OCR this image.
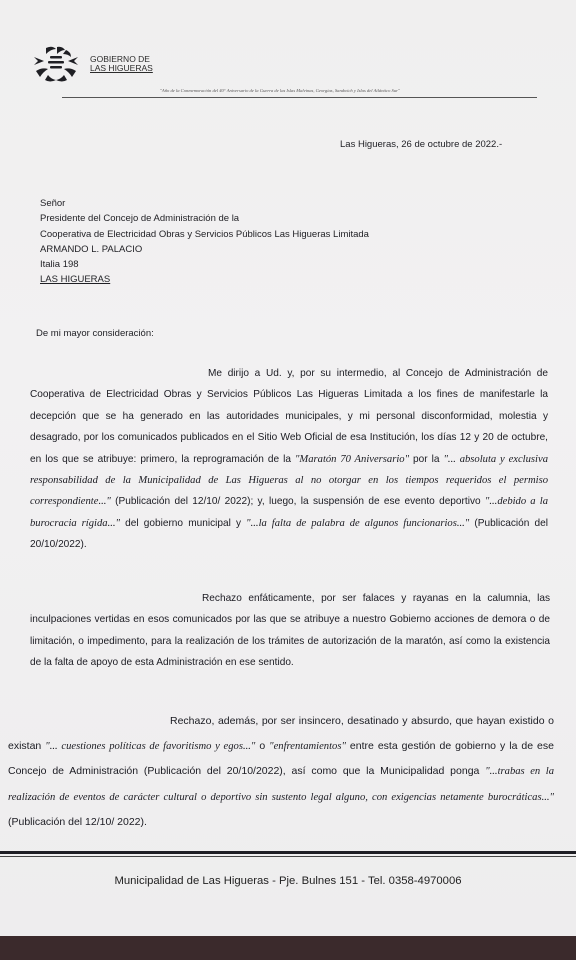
GOBIERNO DE
LAS HIGUERAS
"Año de la Conmemoración del 40° Aniversario de la Guerra de las Islas Malvinas, Georgias, Sandwich y Islas del Atlántico Sur"
Las Higueras, 26 de octubre de 2022.-
Señor
Presidente del Concejo de Administración de la
Cooperativa de Electricidad Obras y Servicios Públicos Las Higueras Limitada
ARMANDO L. PALACIO
Italia 198
LAS HIGUERAS
De mi mayor consideración:
Me dirijo a Ud. y, por su intermedio, al Concejo de Administración de Cooperativa de Electricidad Obras y Servicios Públicos Las Higueras Limitada a los fines de manifestarle la decepción que se ha generado en las autoridades municipales, y mi personal disconformidad, molestia y desagrado, por los comunicados publicados en el Sitio Web Oficial de esa Institución, los días 12 y 20 de octubre, en los que se atribuye: primero, la reprogramación de la "Maratón 70 Aniversario" por la "... absoluta y exclusiva responsabilidad de la Municipalidad de Las Higueras al no otorgar en los tiempos requeridos el permiso correspondiente..." (Publicación del 12/10/ 2022); y, luego, la suspensión de ese evento deportivo "...debido a la burocracia rígida..." del gobierno municipal y "...la falta de palabra de algunos funcionarios..." (Publicación del 20/10/2022).
Rechazo enfáticamente, por ser falaces y rayanas en la calumnia, las inculpaciones vertidas en esos comunicados por las que se atribuye a nuestro Gobierno acciones de demora o de limitación, o impedimento, para la realización de los trámites de autorización de la maratón, así como la existencia de la falta de apoyo de esta Administración en ese sentido.
Rechazo, además, por ser insincero, desatinado y absurdo, que hayan existido o existan "... cuestiones políticas de favoritismo y egos..." o "enfrentamientos" entre esta gestión de gobierno y la de ese Concejo de Administración (Publicación del 20/10/2022), así como que la Municipalidad ponga "...trabas en la realización de eventos de carácter cultural o deportivo sin sustento legal alguno, con exigencias netamente burocráticas..." (Publicación del 12/10/ 2022).
Municipalidad de Las Higueras - Pje. Bulnes 151 - Tel. 0358-4970006
